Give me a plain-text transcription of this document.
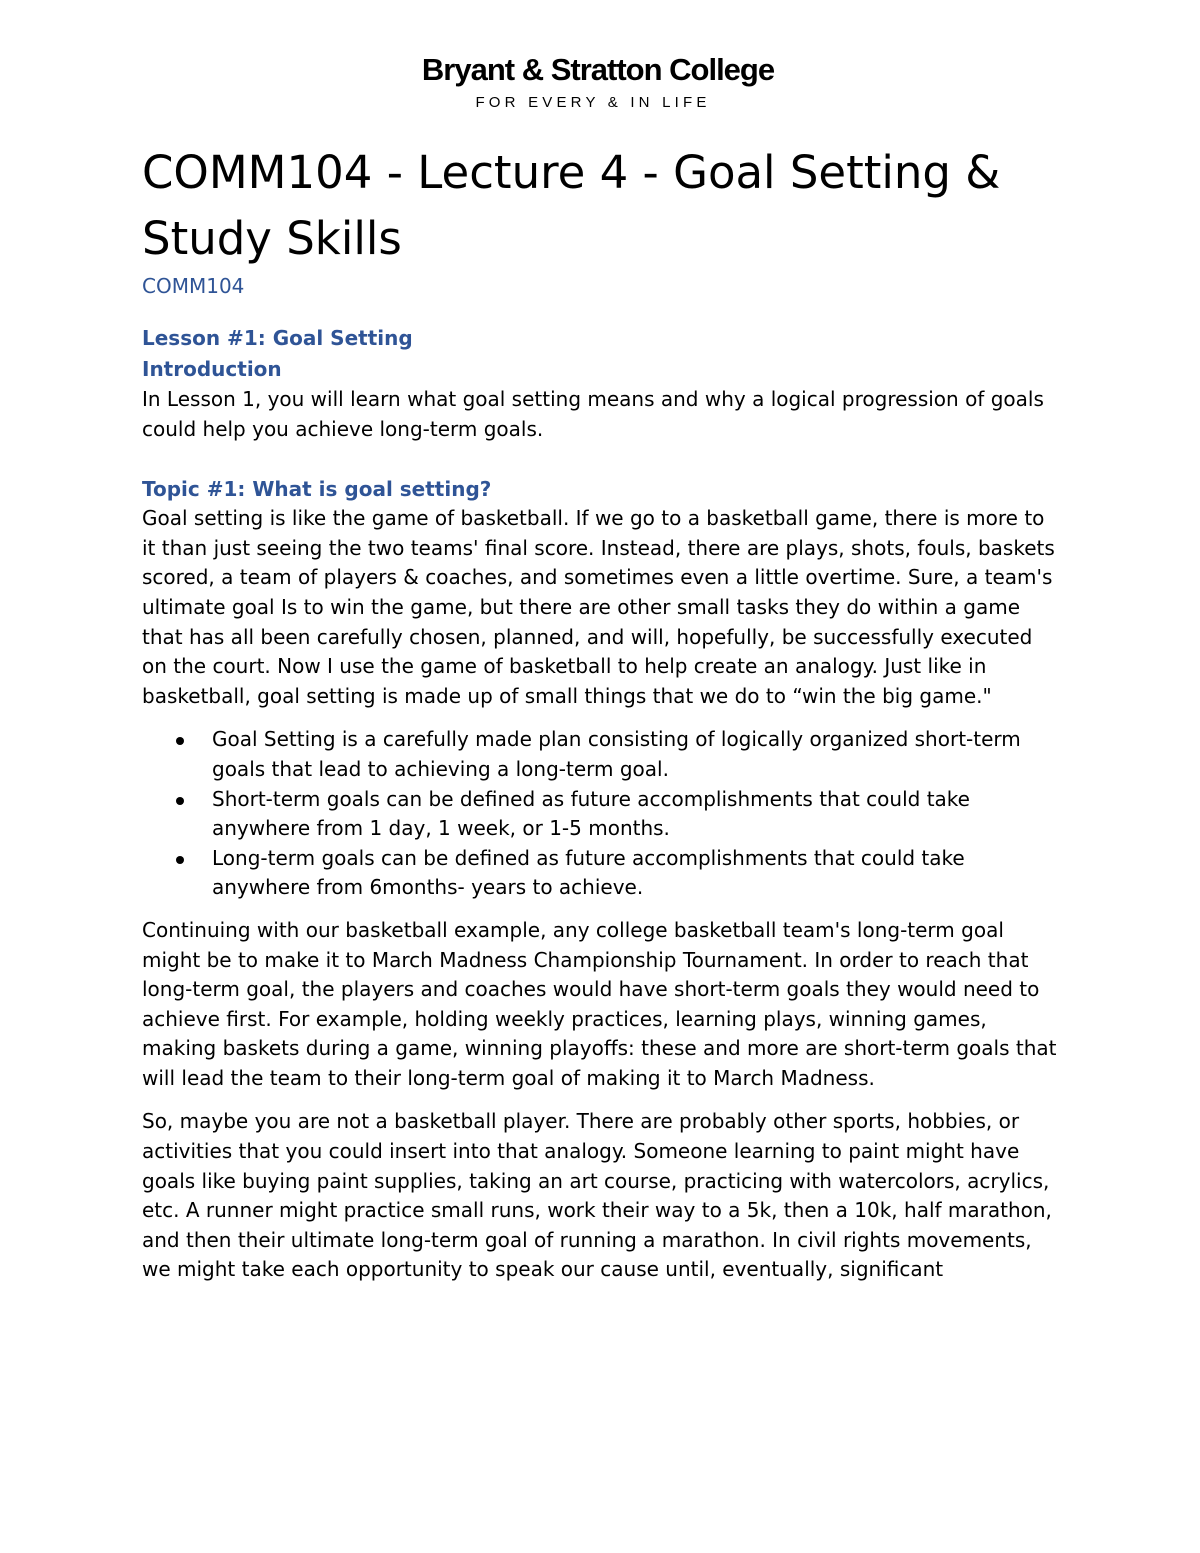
Bryant & Stratton College
FOR EVERY & IN LIFE
COMM104 - Lecture 4 - Goal Setting & Study Skills

COMM104

Lesson #1: Goal Setting
Introduction

In Lesson 1, you will learn what goal setting means and why a logical progression of goals could help you achieve long-term goals.

Topic #1: What is goal setting?

Goal setting is like the game of basketball. If we go to a basketball game, there is more to it than just seeing the two teams' final score. Instead, there are plays, shots, fouls, baskets scored, a team of players & coaches, and sometimes even a little overtime. Sure, a team's ultimate goal Is to win the game, but there are other small tasks they do within a game that has all been carefully chosen, planned, and will, hopefully, be successfully executed on the court. Now I use the game of basketball to help create an analogy. Just like in basketball, goal setting is made up of small things that we do to “win the big game."

Goal Setting is a carefully made plan consisting of logically organized short-term goals that lead to achieving a long-term goal.
Short-term goals can be defined as future accomplishments that could take anywhere from 1 day, 1 week, or 1-5 months.
Long-term goals can be defined as future accomplishments that could take anywhere from 6months- years to achieve.

Continuing with our basketball example, any college basketball team's long-term goal might be to make it to March Madness Championship Tournament. In order to reach that long-term goal, the players and coaches would have short-term goals they would need to achieve first. For example, holding weekly practices, learning plays, winning games, making baskets during a game, winning playoffs: these and more are short-term goals that will lead the team to their long-term goal of making it to March Madness.

So, maybe you are not a basketball player. There are probably other sports, hobbies, or activities that you could insert into that analogy. Someone learning to paint might have goals like buying paint supplies, taking an art course, practicing with watercolors, acrylics, etc. A runner might practice small runs, work their way to a 5k, then a 10k, half marathon, and then their ultimate long-term goal of running a marathon. In civil rights movements, we might take each opportunity to speak our cause until, eventually, significant
